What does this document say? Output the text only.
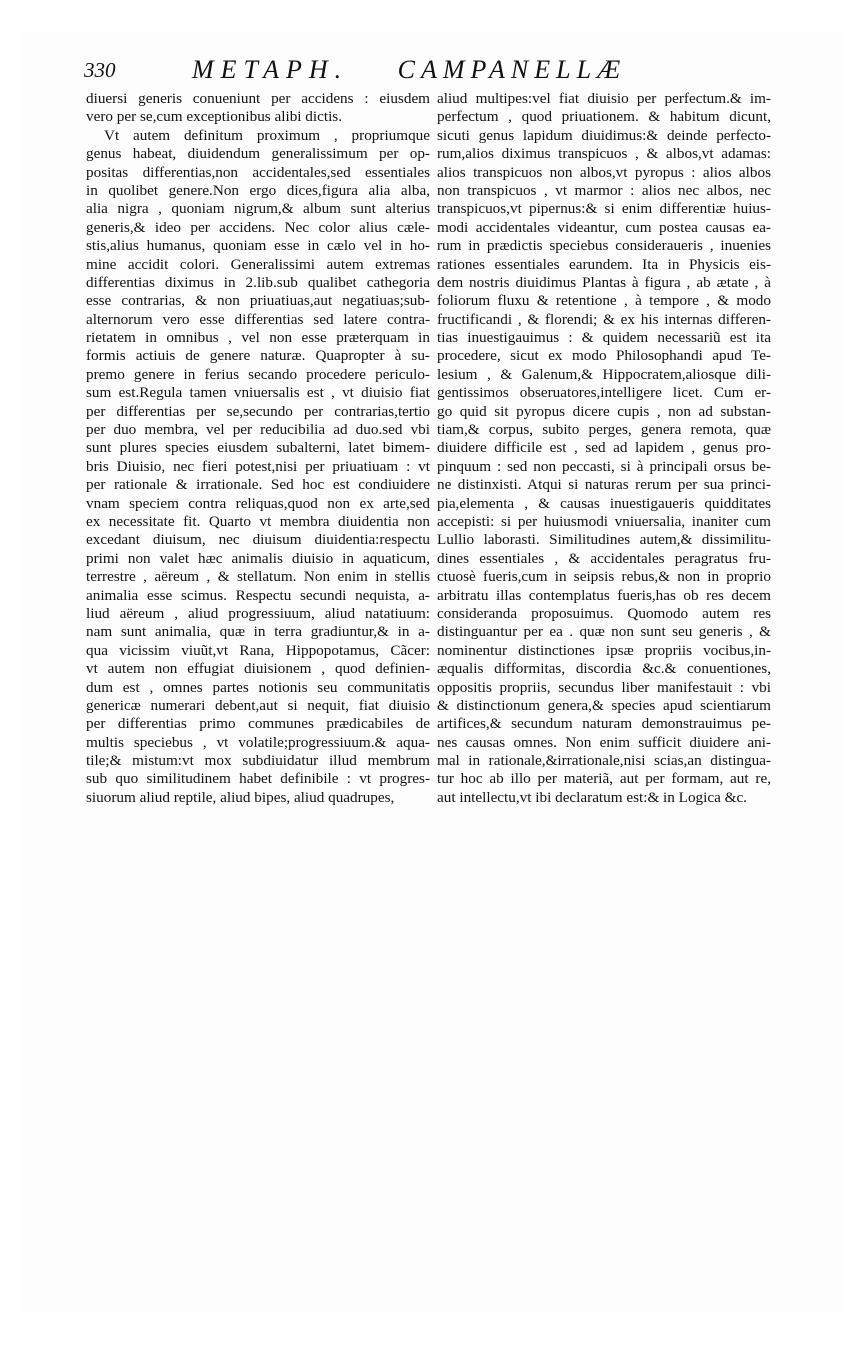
330	METAPH. CAMPANELLÆ
diuersi generis conueniunt per accidens : eiusdem
vero per se,cum exceptionibus alibi dictis.
Vt autem definitum proximum , propriumque
genus habeat, diuidendum generalissimum per op-
positas differentias,non accidentales,sed essentiales
in quolibet genere.Non ergo dices,figura alia alba,
alia nigra , quoniam nigrum,& album sunt alterius
generis,& ideo per accidens. Nec color alius cæle-
stis,alius humanus, quoniam esse in cælo vel in ho-
mine accidit colori. Generalissimi autem extremas
differentias diximus in 2.lib.sub qualibet cathegoria
esse contrarias, & non priuatiuas,aut negatiuas;sub-
alternorum vero esse differentias sed latere contra-
rietatem in omnibus , vel non esse præterquam in
formis actiuis de genere naturæ. Quapropter à su-
premo genere in ferius secando procedere periculo-
sum est.Regula tamen vniuersalis est , vt diuisio fiat
per differentias per se,secundo per contrarias,tertio
per duo membra, vel per reducibilia ad duo.sed vbi
sunt plures species eiusdem subalterni, latet bimem-
bris Diuisio, nec fieri potest,nisi per priuatiuam : vt
per rationale & irrationale. Sed hoc est condiuidere
vnam speciem contra reliquas,quod non ex arte,sed
ex necessitate fit. Quarto vt membra diuidentia non
excedant diuisum, nec diuisum diuidentia:respectu
primi non valet hæc animalis diuisio in aquaticum,
terrestre , aëreum , & stellatum. Non enim in stellis
animalia esse scimus. Respectu secundi nequista, a-
liud aëreum , aliud progressiuum, aliud natatiuum:
nam sunt animalia, quæ in terra gradiuntur,& in a-
qua vicissim viuũt,vt Rana, Hippopotamus, Cãcer:
vt autem non effugiat diuisionem , quod definien-
dum est , omnes partes notionis seu communitatis
genericæ numerari debent,aut si nequit, fiat diuisio
per differentias primo communes prædicabiles de
multis speciebus , vt volatile;progressiuum.& aqua-
tile;& mistum:vt mox subdiuidatur illud membrum
sub quo similitudinem habet definibile : vt progres-
siuorum aliud reptile, aliud bipes, aliud quadrupes,
aliud multipes:vel fiat diuisio per perfectum.& im-
perfectum , quod priuationem. & habitum dicunt,
sicuti genus lapidum diuidimus:& deinde perfecto-
rum,alios diximus transpicuos , & albos,vt adamas:
alios transpicuos non albos,vt pyropus : alios albos
non transpicuos , vt marmor : alios nec albos, nec
transpicuos,vt pipernus:& si enim differentiæ huius-
modi accidentales videantur, cum postea causas ea-
rum in prædictis speciebus consideraueris , inuenies
rationes essentiales earundem. Ita in Physicis eis-
dem nostris diuidimus Plantas à figura , ab ætate , à
foliorum fluxu & retentione , à tempore , & modo
fructificandi , & florendi; & ex his internas differen-
tias inuestigauimus : & quidem necessariũ est ita
procedere, sicut ex modo Philosophandi apud Te-
lesium , & Galenum,& Hippocratem,aliosque dili-
gentissimos obseruatores,intelligere licet. Cum er-
go quid sit pyropus dicere cupis , non ad substan-
tiam,& corpus, subito perges, genera remota, quæ
diuidere difficile est , sed ad lapidem , genus pro-
pinquum : sed non peccasti, si à principali orsus be-
ne distinxisti. Atqui si naturas rerum per sua princi-
pia,elementa , & causas inuestigaueris quidditates
accepisti: si per huiusmodi vniuersalia, inaniter cum
Lullio laborasti. Similitudines autem,& dissimilitu-
dines essentiales , & accidentales peragratus fru-
ctuosè fueris,cum in seipsis rebus,& non in proprio
arbitratu illas contemplatus fueris,has ob res decem
consideranda proposuimus. Quomodo autem res
distinguantur per ea . quæ non sunt seu generis , &
nominentur distinctiones ipsæ propriis vocibus,in-
æqualis difformitas, discordia &c.& conuentiones,
oppositis propriis, secundus liber manifestauit : vbi
& distinctionum genera,& species apud scientiarum
artifices,& secundum naturam demonstrauimus pe-
nes causas omnes. Non enim sufficit diuidere ani-
mal in rationale,&irrationale,nisi scias,an distingua-
tur hoc ab illo per materiã, aut per formam, aut re,
aut intellectu,vt ibi declaratum est:& in Logica &c.
